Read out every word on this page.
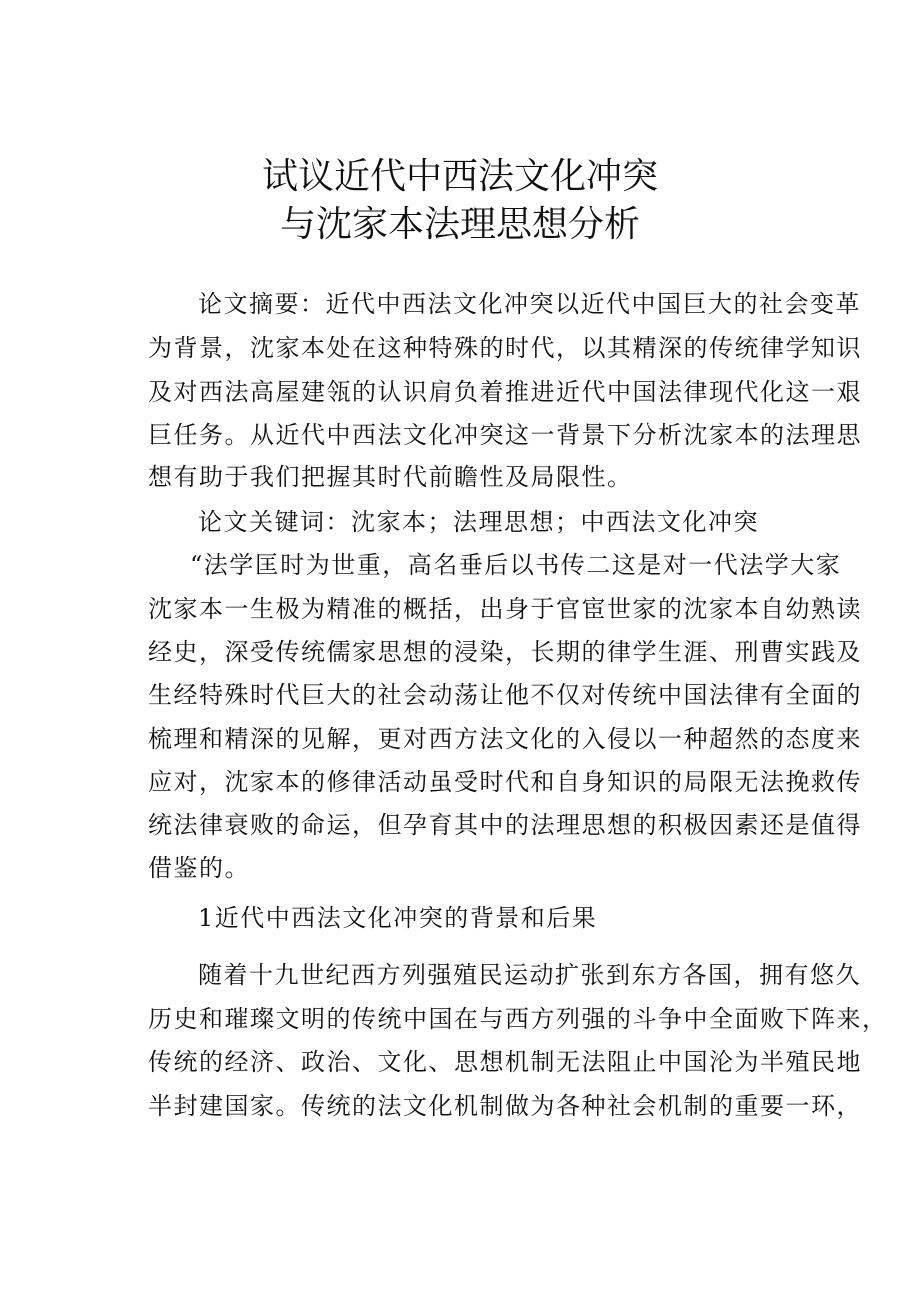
试议近代中西法文化冲突
与沈家本法理思想分析
论文摘要：近代中西法文化冲突以近代中国巨大的社会变革
为背景，沈家本处在这种特殊的时代，以其精深的传统律学知识
及对西法高屋建瓴的认识肩负着推进近代中国法律现代化这一艰
巨任务。从近代中西法文化冲突这一背景下分析沈家本的法理思
想有助于我们把握其时代前瞻性及局限性。
论文关键词：沈家本；法理思想；中西法文化冲突
“法学匡时为世重，高名垂后以书传二这是对一代法学大家
沈家本一生极为精准的概括，出身于官宦世家的沈家本自幼熟读
经史，深受传统儒家思想的浸染，长期的律学生涯、刑曹实践及
生经特殊时代巨大的社会动荡让他不仅对传统中国法律有全面的
梳理和精深的见解，更对西方法文化的入侵以一种超然的态度来
应对，沈家本的修律活动虽受时代和自身知识的局限无法挽救传
统法律衰败的命运，但孕育其中的法理思想的积极因素还是值得
借鉴的。
1近代中西法文化冲突的背景和后果
随着十九世纪西方列强殖民运动扩张到东方各国，拥有悠久
历史和璀璨文明的传统中国在与西方列强的斗争中全面败下阵来，
传统的经济、政治、文化、思想机制无法阻止中国沦为半殖民地
半封建国家。传统的法文化机制做为各种社会机制的重要一环，
